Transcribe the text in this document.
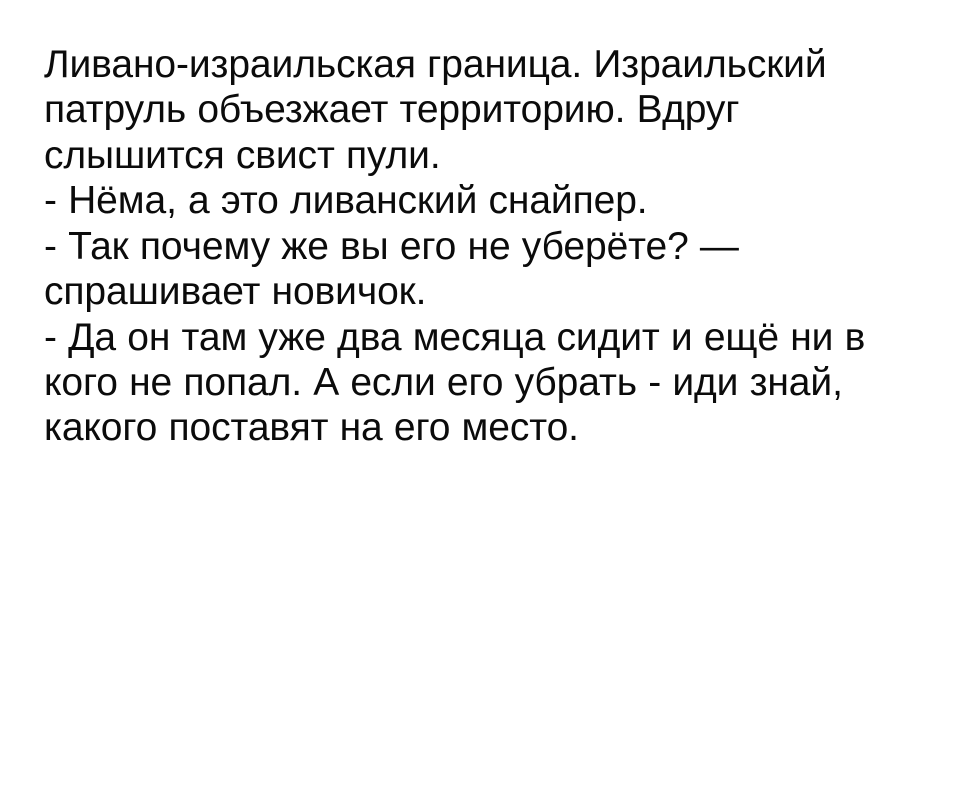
Ливано-израильская граница. Израильский патруль объезжает территорию. Вдруг слышится свист пули.

- Нёма, а это ливанский снайпер.

- Так почему же вы его не уберёте? — спрашивает новичок.

- Да он там уже два месяца сидит и ещё ни в кого не попал. А если его убрать - иди знай, какого поставят на его место.
